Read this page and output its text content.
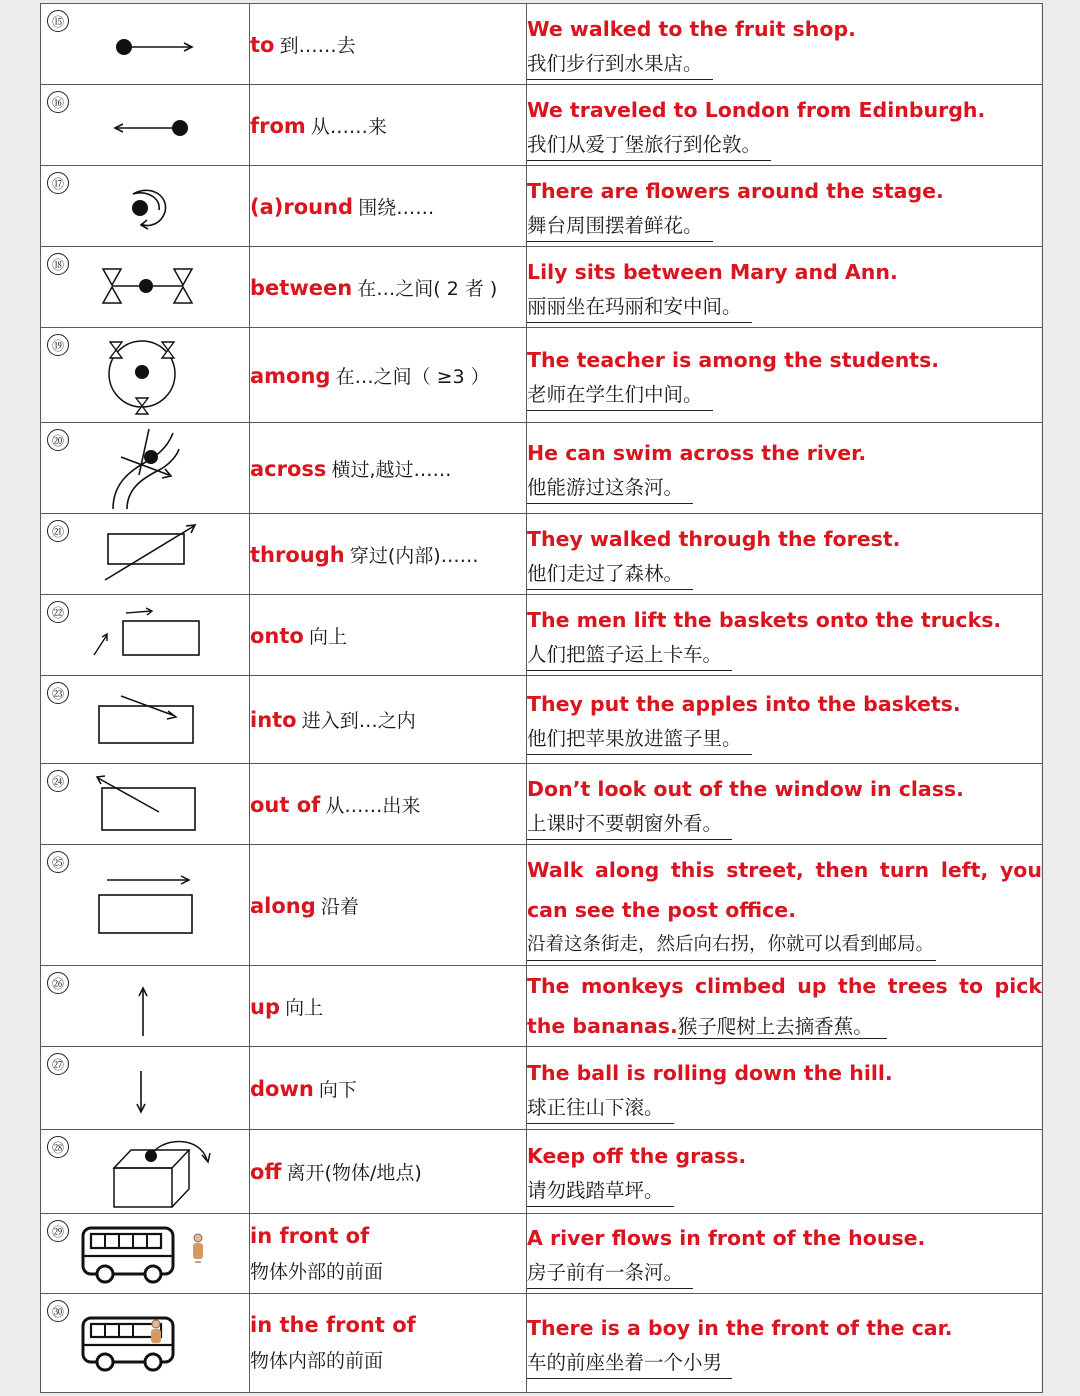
⑮	to 到……去	We walked to the fruit shop.
我们步行到水果店。

⑯	from 从……来	We traveled to London from Edinburgh.
我们从爱丁堡旅行到伦敦。

⑰	(a)round 围绕……	There are flowers around the stage.
舞台周围摆着鲜花。

⑱	between 在…之间( 2 者 )	Lily sits between Mary and Ann.
丽丽坐在玛丽和安中间。

⑲	among 在…之间（ ≥3 ）	The teacher is among the students.
老师在学生们中间。

⑳	across 横过,越过……	He can swim across the river.
他能游过这条河。

㉑	through 穿过(内部)……	They walked through the forest.
他们走过了森林。

㉒	onto 向上	The men lift the baskets onto the trucks.
人们把篮子运上卡车。

㉓	into 进入到…之内	They put the apples into the baskets.
他们把苹果放进篮子里。

㉔	out of 从……出来	Don’t look out of the window in class.
上课时不要朝窗外看。

㉕	along 沿着	Walk along this street, then turn left, you
can see the post office.
沿着这条街走，然后向右拐，你就可以看到邮局。

㉖	up 向上	The monkeys climbed up the trees to pick
the bananas.猴子爬树上去摘香蕉。

㉗	down 向下	The ball is rolling down the hill.
球正往山下滚。

㉘	off 离开(物体/地点)	Keep off the grass.
请勿践踏草坪。

㉙	in front of
物体外部的前面	A river flows in front of the house.
房子前有一条河。

㉚	in the front of
物体内部的前面	There is a boy in the front of the car.
车的前座坐着一个小男
